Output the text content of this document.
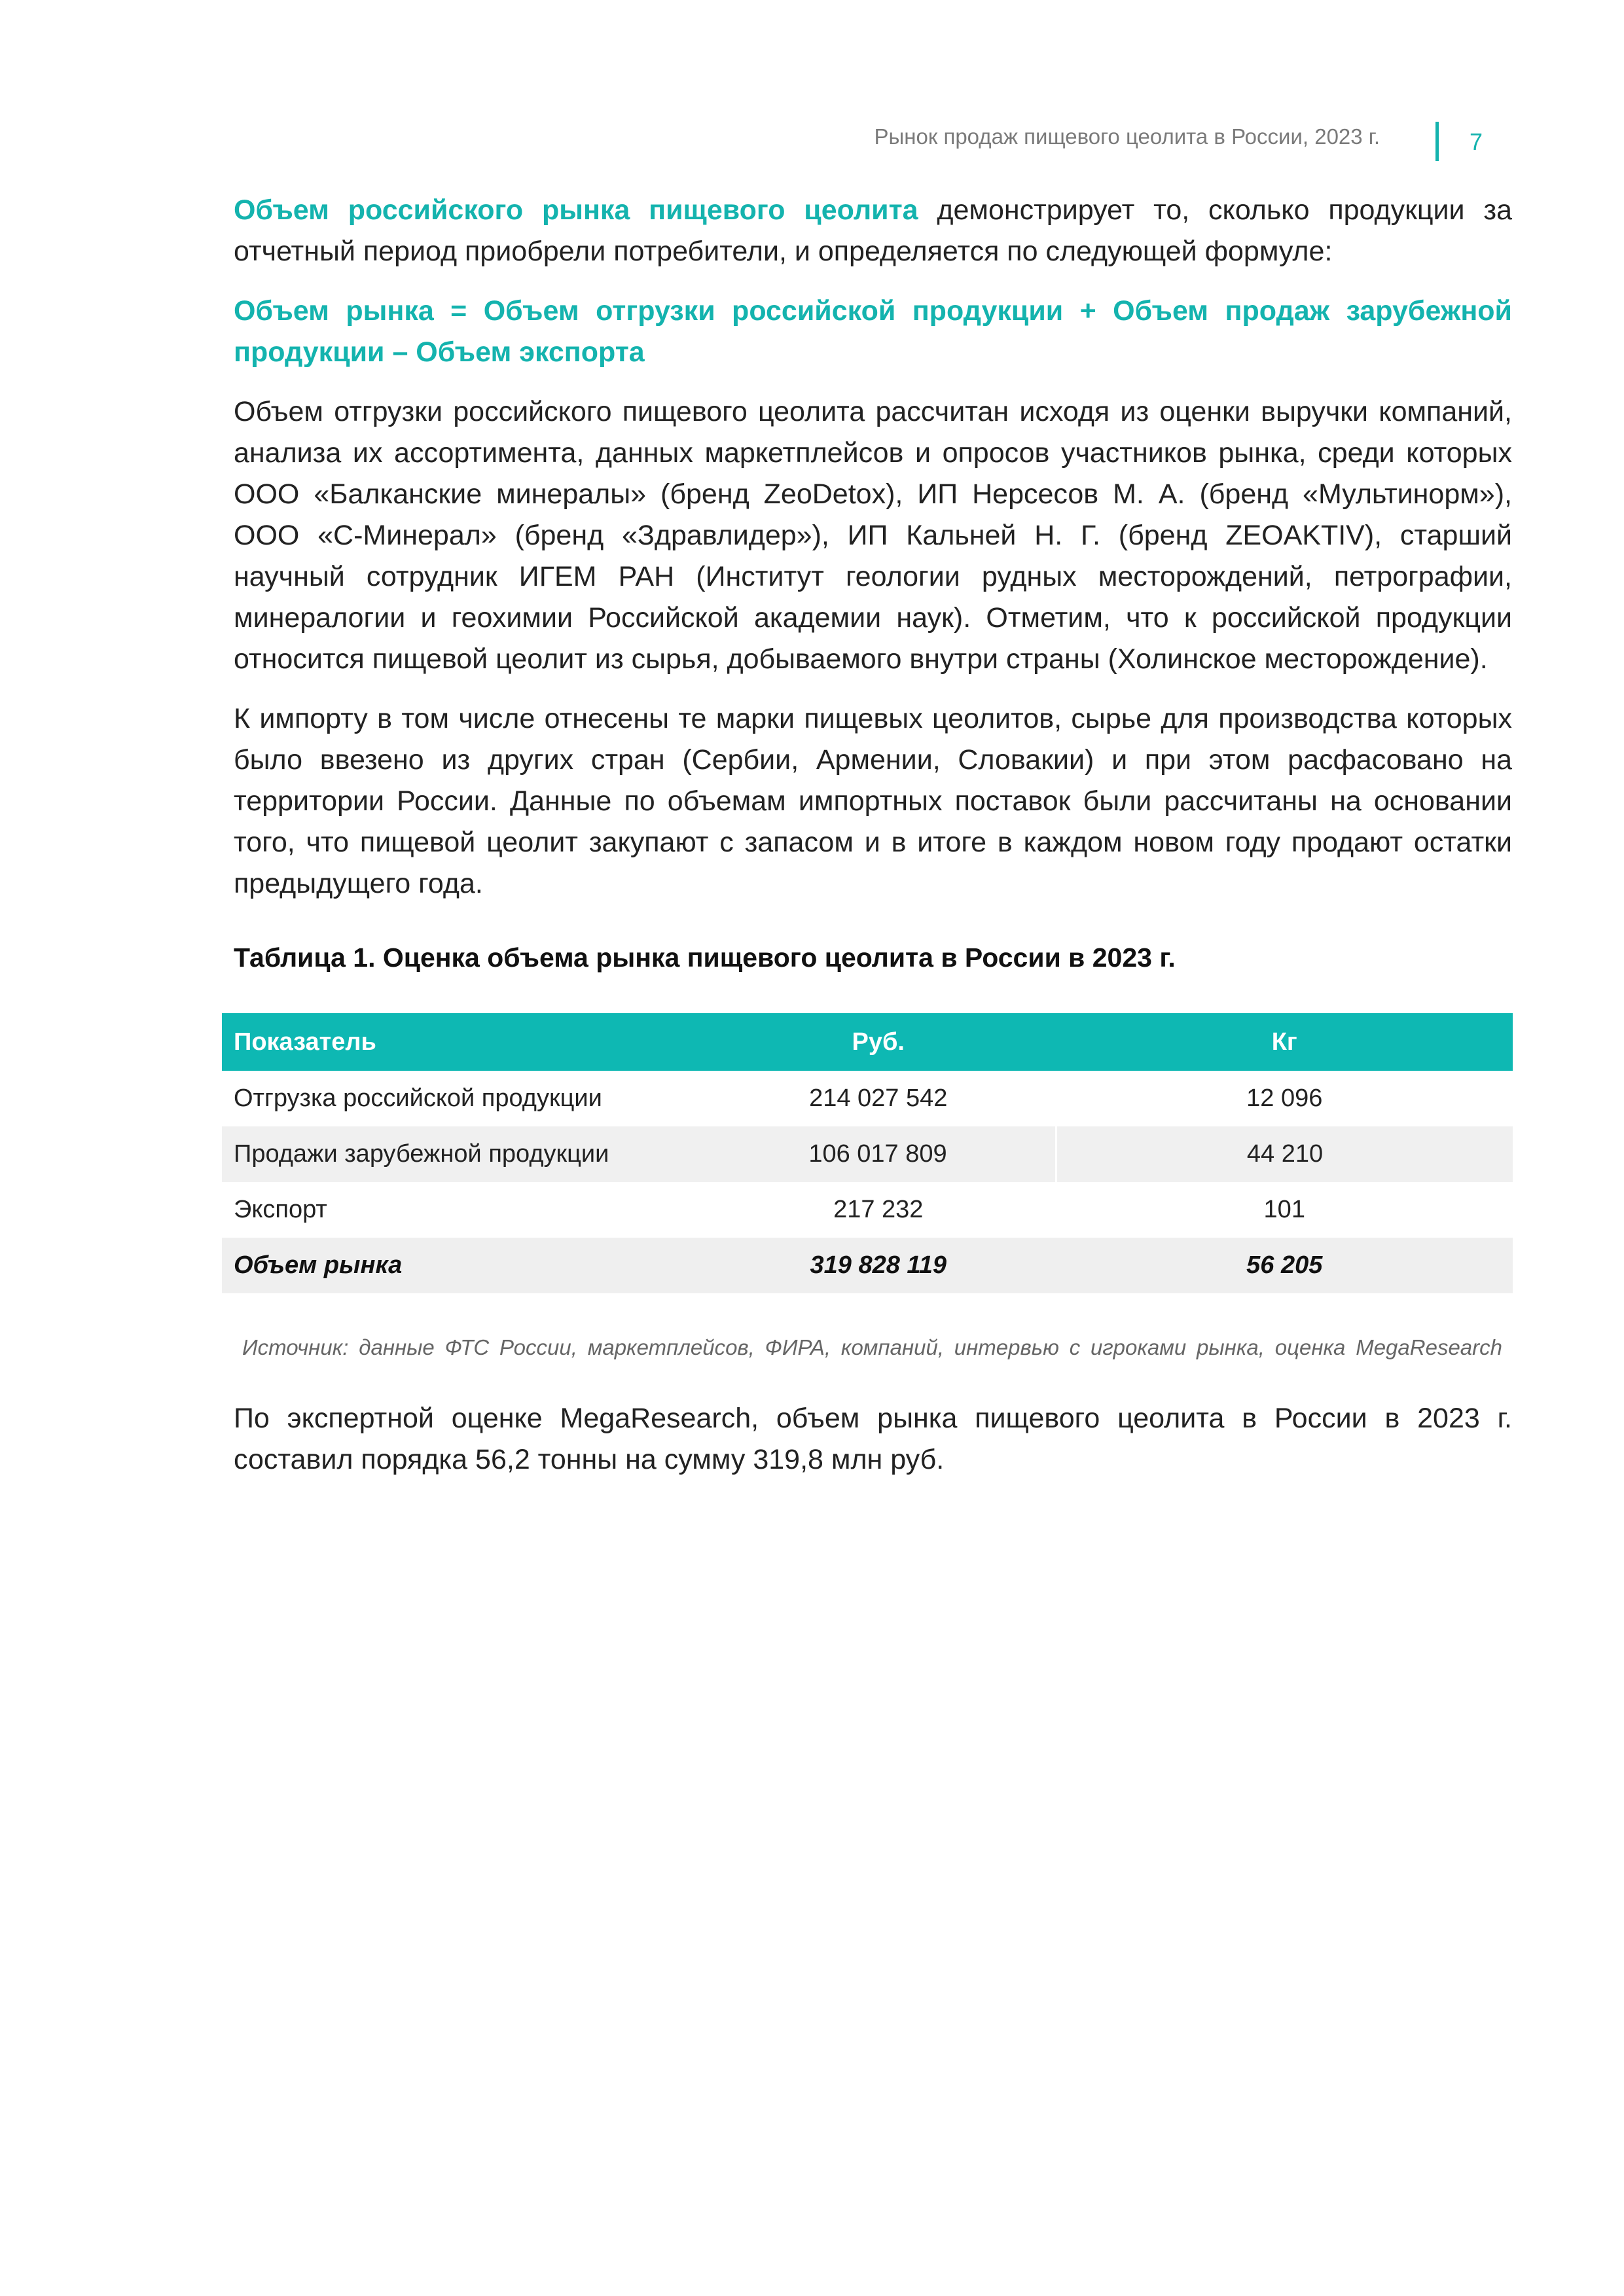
Рынок продаж пищевого цеолита в России, 2023 г.	7

Объем российского рынка пищевого цеолита демонстрирует то, сколько продукции за отчетный период приобрели потребители, и определяется по следующей формуле:

Объем рынка = Объем отгрузки российской продукции + Объем продаж зарубежной продукции – Объем экспорта

Объем отгрузки российского пищевого цеолита рассчитан исходя из оценки выручки компаний, анализа их ассортимента, данных маркетплейсов и опросов участников рынка, среди которых ООО «Балканские минералы» (бренд ZeoDetox), ИП Нерсесов М. А. (бренд «Мультинорм»), ООО «С-Минерал» (бренд «Здравлидер»), ИП Кальней Н. Г. (бренд ZEOAKTIV), старший научный сотрудник ИГЕМ РАН (Институт геологии рудных месторождений, петрографии, минералогии и геохимии Российской академии наук). Отметим, что к российской продукции относится пищевой цеолит из сырья, добываемого внутри страны (Холинское месторождение).

К импорту в том числе отнесены те марки пищевых цеолитов, сырье для производства которых было ввезено из других стран (Сербии, Армении, Словакии) и при этом расфасовано на территории России. Данные по объемам импортных поставок были рассчитаны на основании того, что пищевой цеолит закупают с запасом и в итоге в каждом новом году продают остатки предыдущего года.

Таблица 1. Оценка объема рынка пищевого цеолита в России в 2023 г.
Показатель	Руб.	Кг
Отгрузка российской продукции	214 027 542	12 096
Продажи зарубежной продукции	106 017 809	44 210
Экспорт	217 232	101
Объем рынка	319 828 119	56 205
Источник: данные ФТС России, маркетплейсов, ФИРА, компаний, интервью с игроками рынка, оценка MegaResearch

По экспертной оценке MegaResearch, объем рынка пищевого цеолита в России в 2023 г. составил порядка 56,2 тонны на сумму 319,8 млн руб.
